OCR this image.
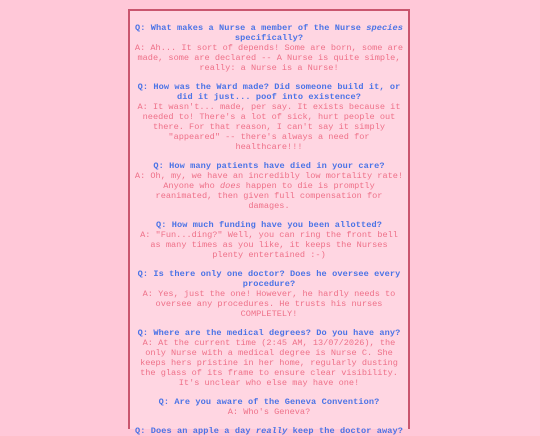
Q: What makes a Nurse a member of the Nurse species specifically?
A: Ah... It sort of depends! Some are born, some are made, some are declared -- A Nurse is quite simple, really: a Nurse is a Nurse!
Q: How was the Ward made? Did someone build it, or did it just... poof into existence?
A: It wasn't... made, per say. It exists because it needed to! There's a lot of sick, hurt people out there. For that reason, I can't say it simply "appeared" -- there's always a need for healthcare!!!
Q: How many patients have died in your care?
A: Oh, my, we have an incredibly low mortality rate! Anyone who does happen to die is promptly reanimated, then given full compensation for damages.
Q: How much funding have you been allotted?
A: "Fun...ding?" Well, you can ring the front bell as many times as you like, it keeps the Nurses plenty entertained :-)
Q: Is there only one doctor? Does he oversee every procedure?
A: Yes, just the one! However, he hardly needs to oversee any procedures. He trusts his nurses COMPLETELY!
Q: Where are the medical degrees? Do you have any?
A: At the current time (2:45 AM, 13/07/2026), the only Nurse with a medical degree is Nurse C. She keeps hers pristine in her home, regularly dusting the glass of its frame to ensure clear visibility. It's unclear who else may have one!
Q: Are you aware of the Geneva Convention?
A: Who's Geneva?
Q: Does an apple a day really keep the doctor away?
